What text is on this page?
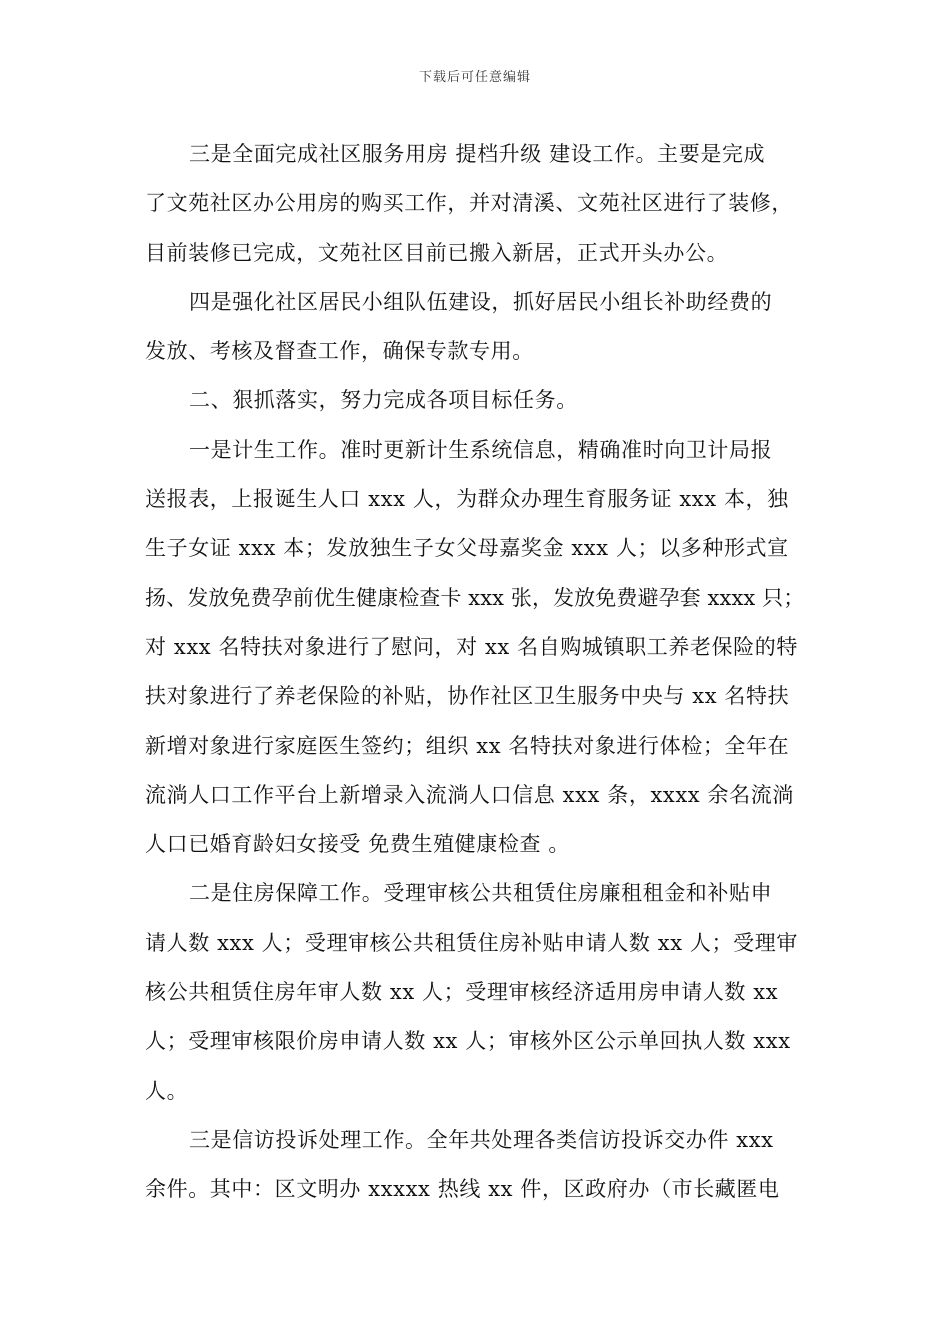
下载后可任意编辑
三是全面完成社区服务用房 提档升级 建设工作。主要是完成
了文苑社区办公用房的购买工作，并对清溪、文苑社区进行了装修，
目前装修已完成，文苑社区目前已搬入新居，正式开头办公。
四是强化社区居民小组队伍建设，抓好居民小组长补助经费的
发放、考核及督查工作，确保专款专用。
二、狠抓落实，努力完成各项目标任务。
一是计生工作。准时更新计生系统信息，精确准时向卫计局报
送报表，上报诞生人口 xxx 人，为群众办理生育服务证 xxx 本，独
生子女证 xxx 本；发放独生子女父母嘉奖金 xxx 人；以多种形式宣
扬、发放免费孕前优生健康检查卡 xxx 张，发放免费避孕套 xxxx 只；
对 xxx 名特扶对象进行了慰问，对 xx 名自购城镇职工养老保险的特
扶对象进行了养老保险的补贴，协作社区卫生服务中央与 xx 名特扶
新增对象进行家庭医生签约；组织 xx 名特扶对象进行体检；全年在
流淌人口工作平台上新增录入流淌人口信息 xxx 条，xxxx 余名流淌
人口已婚育龄妇女接受 免费生殖健康检查 。
二是住房保障工作。受理审核公共租赁住房廉租租金和补贴申
请人数 xxx 人；受理审核公共租赁住房补贴申请人数 xx 人；受理审
核公共租赁住房年审人数 xx 人；受理审核经济适用房申请人数 xx
人；受理审核限价房申请人数 xx 人；审核外区公示单回执人数 xxx
人。
三是信访投诉处理工作。全年共处理各类信访投诉交办件 xxx
余件。其中：区文明办 xxxxx 热线 xx 件，区政府办（市长藏匿电
